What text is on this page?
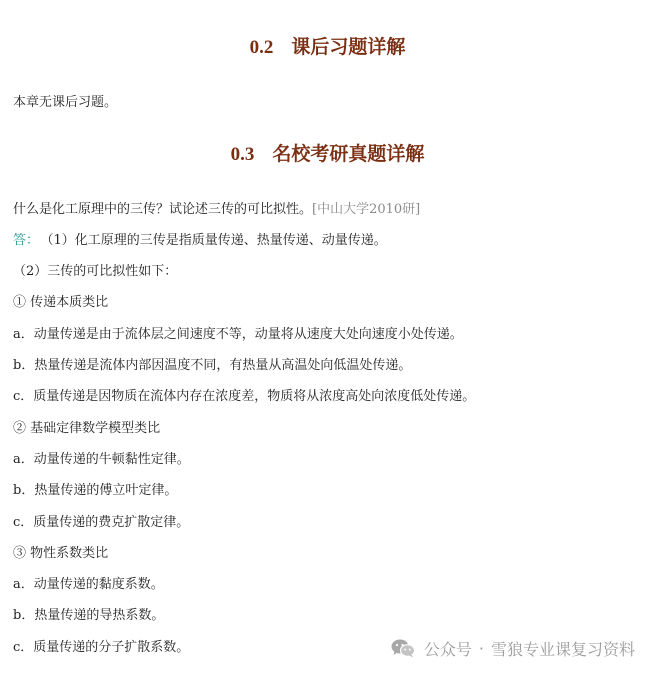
0.2 课后习题详解

本章无课后习题。

0.3 名校考研真题详解

什么是化工原理中的三传？试论述三传的可比拟性。[中山大学2010研]

答： （1）化工原理的三传是指质量传递、热量传递、动量传递。

（2）三传的可比拟性如下：

① 传递本质类比

a．动量传递是由于流体层之间速度不等，动量将从速度大处向速度小处传递。

b．热量传递是流体内部因温度不同，有热量从高温处向低温处传递。

c．质量传递是因物质在流体内存在浓度差，物质将从浓度高处向浓度低处传递。

② 基础定律数学模型类比

a．动量传递的牛顿黏性定律。

b．热量传递的傅立叶定律。

c．质量传递的费克扩散定律。

③ 物性系数类比

a．动量传递的黏度系数。

b．热量传递的导热系数。

c．质量传递的分子扩散系数。	公众号 · 雪狼专业课复习资料
